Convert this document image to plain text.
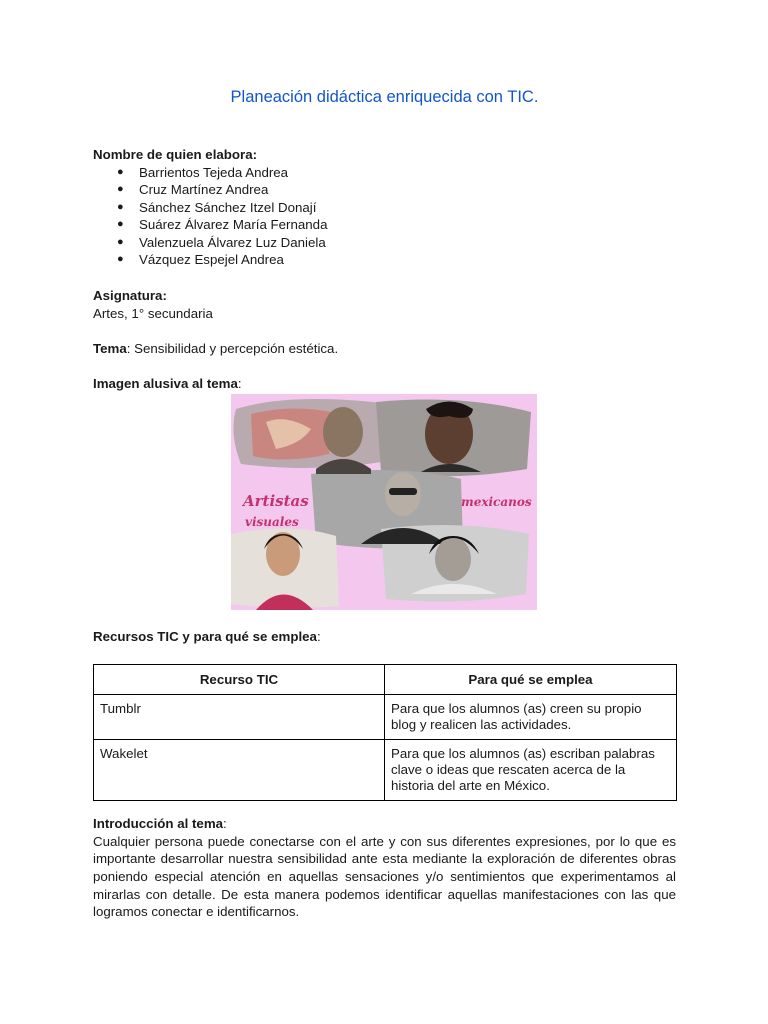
Planeación didáctica enriquecida con TIC.
Nombre de quien elabora:
● Barrientos Tejeda Andrea
● Cruz Martínez Andrea
● Sánchez Sánchez Itzel Donají
● Suárez Álvarez María Fernanda
● Valenzuela Álvarez Luz Daniela
● Vázquez Espejel Andrea
Asignatura:
Artes, 1° secundaria
Tema: Sensibilidad y percepción estética.
Imagen alusiva al tema:
Artistas
visuales
mexicanos
Recursos TIC y para qué se emplea:
Recurso TIC	Para qué se emplea
Tumblr	Para que los alumnos (as) creen su propio blog y realicen las actividades.
Wakelet	Para que los alumnos (as) escriban palabras clave o ideas que rescaten acerca de la historia del arte en México.
Introducción al tema:
Cualquier persona puede conectarse con el arte y con sus diferentes expresiones, por lo que es importante desarrollar nuestra sensibilidad ante esta mediante la exploración de diferentes obras poniendo especial atención en aquellas sensaciones y/o sentimientos que experimentamos al mirarlas con detalle. De esta manera podemos identificar aquellas manifestaciones con las que logramos conectar e identificarnos.
